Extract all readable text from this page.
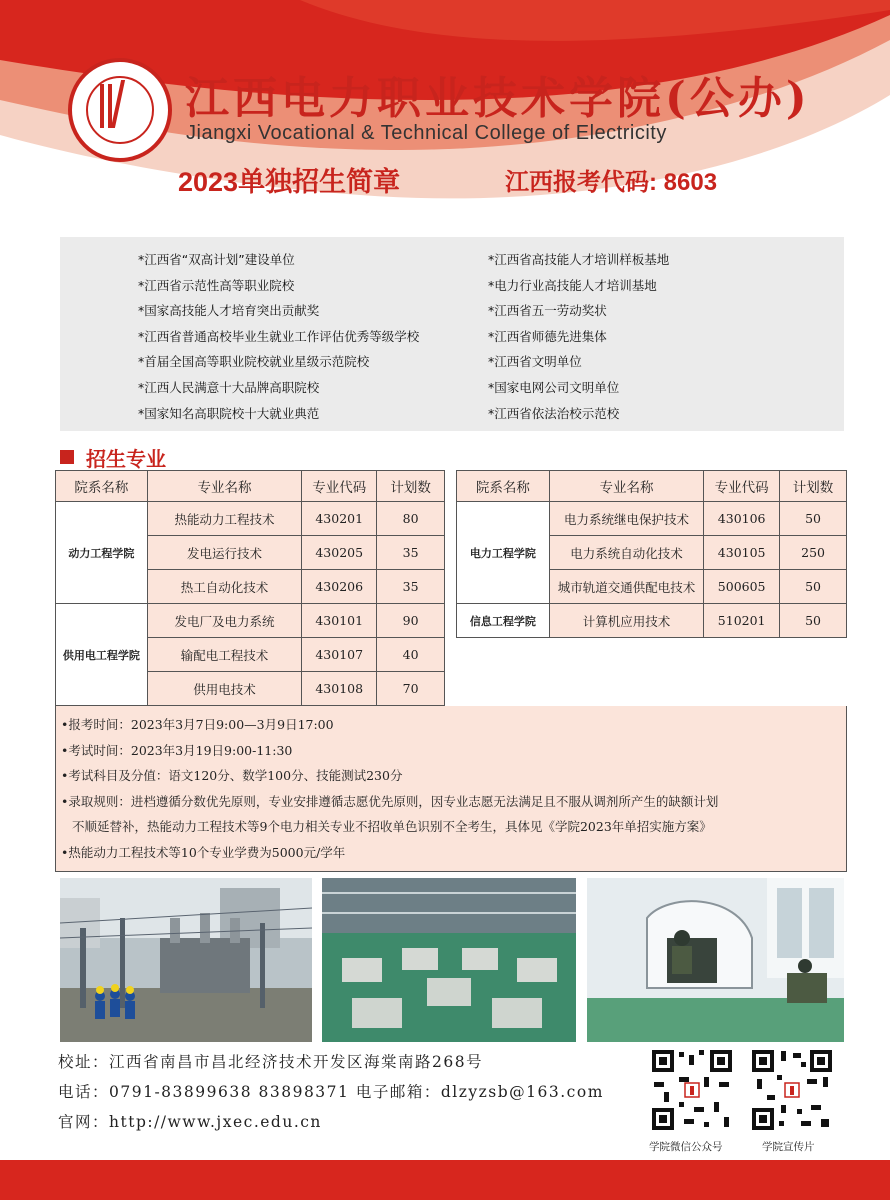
江西电力职业技术学院(公办)
Jiangxi Vocational & Technical College of Electricity
2023单独招生简章	江西报考代码: 8603
*江西省“双高计划”建设单位
*江西省示范性高等职业院校
*国家高技能人才培育突出贡献奖
*江西省普通高校毕业生就业工作评估优秀等级学校
*首届全国高等职业院校就业星级示范院校
*江西人民满意十大品牌高职院校
*国家知名高职院校十大就业典范
*江西省高技能人才培训样板基地
*电力行业高技能人才培训基地
*江西省五一劳动奖状
*江西省师德先进集体
*江西省文明单位
*国家电网公司文明单位
*江西省依法治校示范校
招生专业
院系名称	专业名称	专业代码	计划数
动力工程学院	热能动力工程技术	430201	80
	发电运行技术	430205	35
	热工自动化技术	430206	35
供用电工程学院	发电厂及电力系统	430101	90
	输配电工程技术	430107	40
	供用电技术	430108	70
院系名称	专业名称	专业代码	计划数
电力工程学院	电力系统继电保护技术	430106	50
	电力系统自动化技术	430105	250
	城市轨道交通供配电技术	500605	50
信息工程学院	计算机应用技术	510201	50

•报考时间：2023年3月7日9:00—3月9日17:00

•考试时间：2023年3月19日9:00-11:30

•考试科目及分值：语文120分、数学100分、技能测试230分

•录取规则：进档遵循分数优先原则，专业安排遵循志愿优先原则，因专业志愿无法满足且不服从调剂所产生的缺额计划

不顺延替补，热能动力工程技术等9个电力相关专业不招收单色识别不全考生，具体见《学院2023年单招实施方案》

•热能动力工程技术等10个专业学费为5000元/学年

校址：江西省南昌市昌北经济技术开发区海棠南路268号
电话：0791-83899638 83898371 电子邮箱：dlzyzsb@163.com
官网：http://www.jxec.edu.cn
学院微信公众号	学院宣传片
